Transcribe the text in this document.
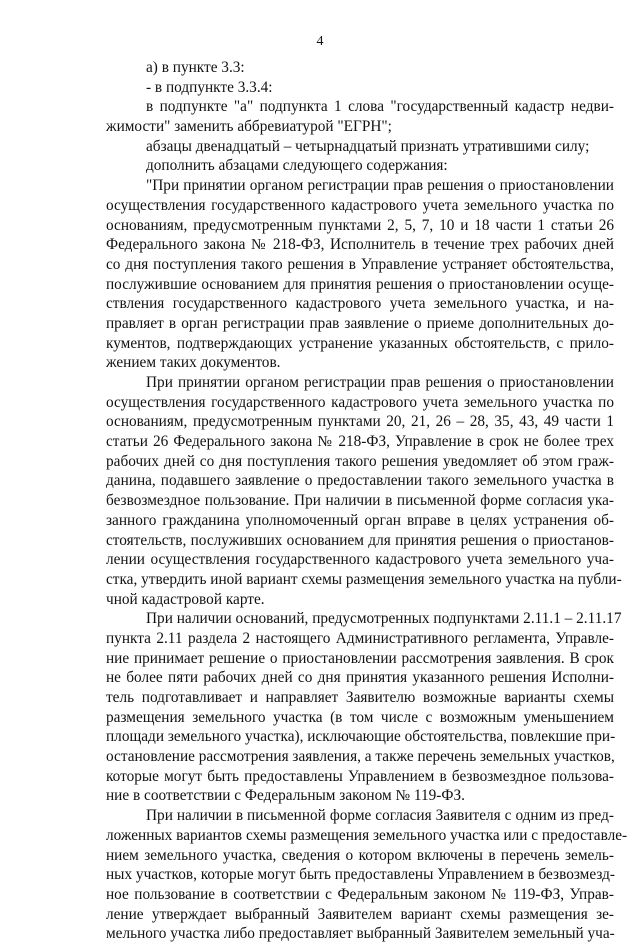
4

а) в пункте 3.3:

- в подпункте 3.3.4:

в подпункте "а" подпункта 1 слова "государственный кадастр недви-

жимости" заменить аббревиатурой "ЕГРН";

абзацы двенадцатый – четырнадцатый признать утратившими силу;

дополнить абзацами следующего содержания:

"При принятии органом регистрации прав решения о приостановлении

осуществления государственного кадастрового учета земельного участка по

основаниям, предусмотренным пунктами 2, 5, 7, 10 и 18 части 1 статьи 26

Федерального закона № 218-ФЗ, Исполнитель в течение трех рабочих дней

со дня поступления такого решения в Управление устраняет обстоятельства,

послужившие основанием для принятия решения о приостановлении осуще-

ствления государственного кадастрового учета земельного участка, и на-

правляет в орган регистрации прав заявление о приеме дополнительных до-

кументов, подтверждающих устранение указанных обстоятельств, с прило-

жением таких документов.

При принятии органом регистрации прав решения о приостановлении

осуществления государственного кадастрового учета земельного участка по

основаниям, предусмотренным пунктами 20, 21, 26 – 28, 35, 43, 49 части 1

статьи 26 Федерального закона № 218-ФЗ, Управление в срок не более трех

рабочих дней со дня поступления такого решения уведомляет об этом граж-

данина, подавшего заявление о предоставлении такого земельного участка в

безвозмездное пользование. При наличии в письменной форме согласия ука-

занного гражданина уполномоченный орган вправе в целях устранения об-

стоятельств, послуживших основанием для принятия решения о приостанов-

лении осуществления государственного кадастрового учета земельного уча-

стка, утвердить иной вариант схемы размещения земельного участка на публи-

чной кадастровой карте.

При наличии оснований, предусмотренных подпунктами 2.11.1 – 2.11.17

пункта 2.11 раздела 2 настоящего Административного регламента, Управле-

ние принимает решение о приостановлении рассмотрения заявления. В срок

не более пяти рабочих дней со дня принятия указанного решения Исполни-

тель подготавливает и направляет Заявителю возможные варианты схемы

размещения земельного участка (в том числе с возможным уменьшением

площади земельного участка), исключающие обстоятельства, повлекшие при-

остановление рассмотрения заявления, а также перечень земельных участков,

которые могут быть предоставлены Управлением в безвозмездное пользова-

ние в соответствии с Федеральным законом № 119-ФЗ.

При наличии в письменной форме согласия Заявителя с одним из пред-

ложенных вариантов схемы размещения земельного участка или с предоставле-

нием земельного участка, сведения о котором включены в перечень земель-

ных участков, которые могут быть предоставлены Управлением в безвозмезд-

ное пользование в соответствии с Федеральным законом № 119-ФЗ, Управ-

ление утверждает выбранный Заявителем вариант схемы размещения зе-

мельного участка либо предоставляет выбранный Заявителем земельный уча-
